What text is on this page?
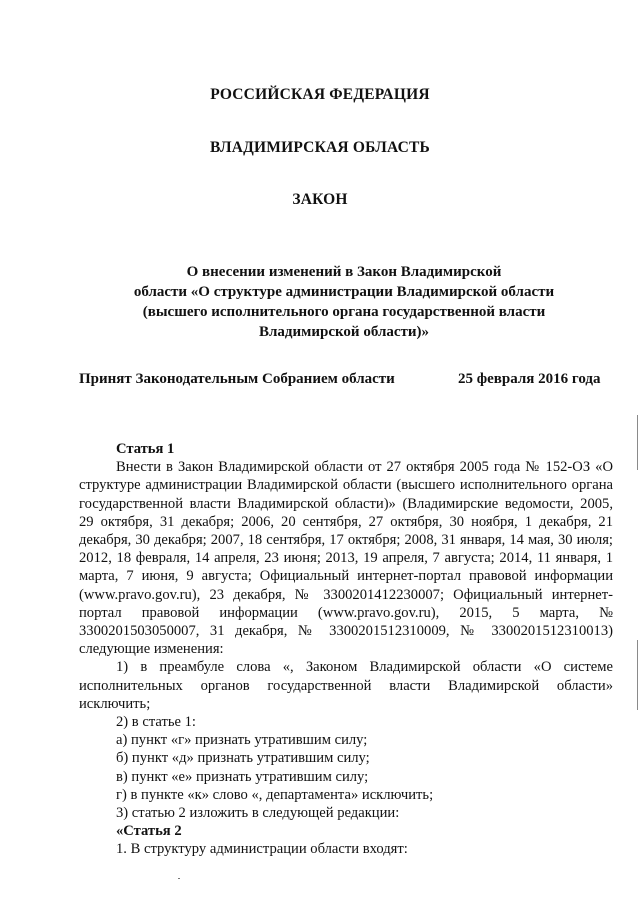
РОССИЙСКАЯ ФЕДЕРАЦИЯ
ВЛАДИМИРСКАЯ ОБЛАСТЬ
ЗАКОН
О внесении изменений в Закон Владимирской
области «О структуре администрации Владимирской области
(высшего исполнительного органа государственной власти
Владимирской области)»
Принят Законодательным Собранием области	25 февраля 2016 года

Статья 1

Внести в Закон Владимирской области от 27 октября 2005 года № 152-ОЗ «О структуре администрации Владимирской области (высшего исполнительного органа государственной власти Владимирской области)» (Владимирские ведомости, 2005, 29 октября, 31 декабря; 2006, 20 сентября, 27 октября, 30 ноября, 1 декабря, 21 декабря, 30 декабря; 2007, 18 сентября, 17 октября; 2008, 31 января, 14 мая, 30 июля; 2012, 18 февраля, 14 апреля, 23 июня; 2013, 19 апреля, 7 августа; 2014, 11 января, 1 марта, 7 июня, 9 августа; Официальный интернет-портал правовой информации (www.pravo.gov.ru), 23 декабря, № 3300201412230007; Официальный интернет-портал правовой информации (www.pravo.gov.ru), 2015, 5 марта, № 3300201503050007, 31 декабря, № 3300201512310009, № 3300201512310013) следующие изменения:

1) в преамбуле слова «, Законом Владимирской области «О системе исполнительных органов государственной власти Владимирской области» исключить;

2) в статье 1:

а) пункт «г» признать утратившим силу;

б) пункт «д» признать утратившим силу;

в) пункт «е» признать утратившим силу;

г) в пункте «к» слово «, департамента» исключить;

3) статью 2 изложить в следующей редакции:

«Статья 2

1. В структуру администрации области входят:
